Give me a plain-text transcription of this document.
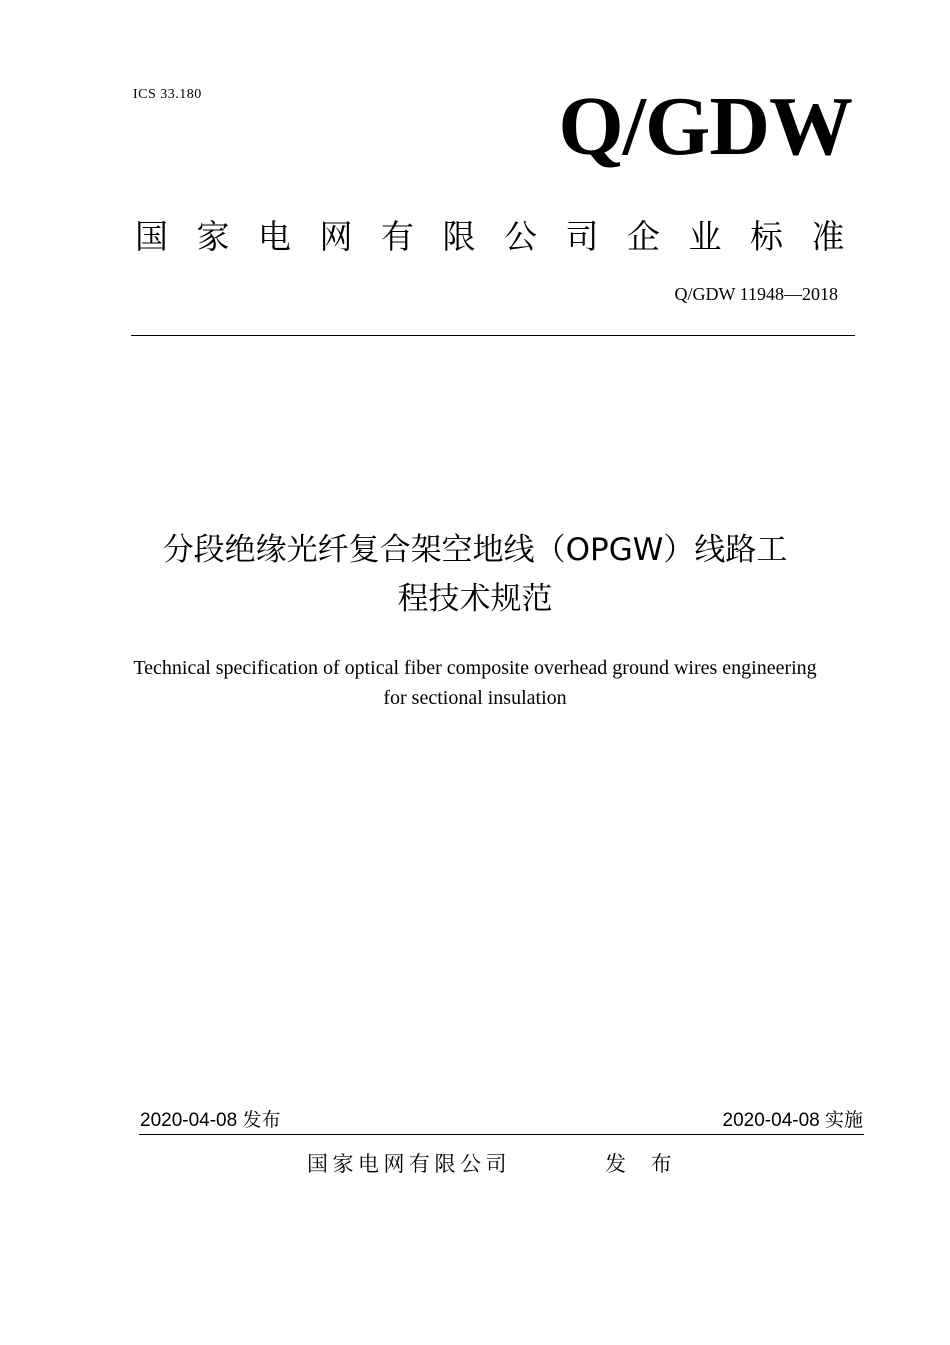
ICS 33.180	Q/GDW
国家电网有限公司企业标准
Q/GDW 11948—2018
分段绝缘光纤复合架空地线（OPGW）线路工
程技术规范
Technical specification of optical fiber composite overhead ground wires engineering
for sectional insulation
2020-04-08 发布	2020-04-08 实施
国家电网有限公司	发 布
